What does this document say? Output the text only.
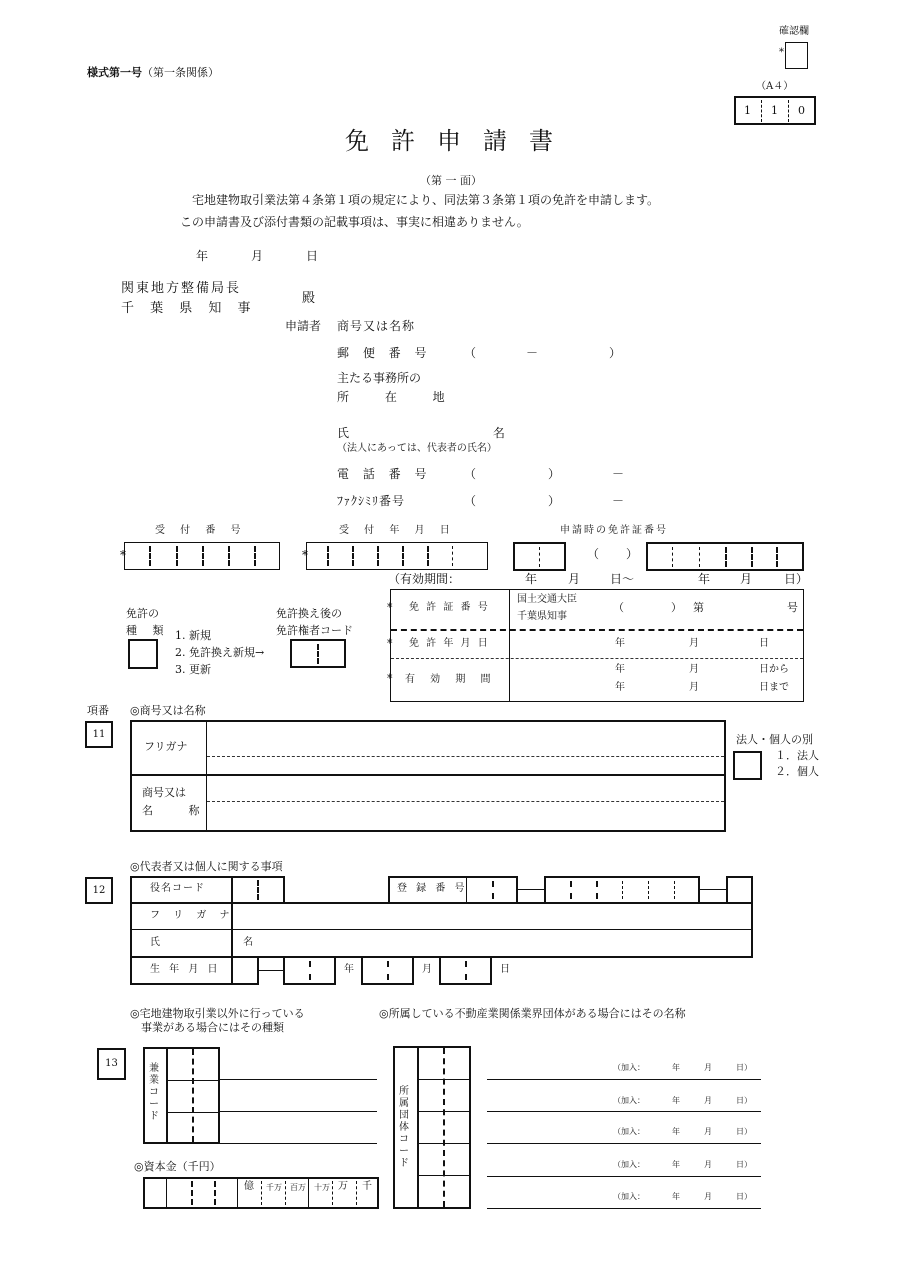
確認欄
*
様式第一号（第一条関係）
（A４）
1 1 0
免許申請書
（第 一 面）
宅地建物取引業法第４条第１項の規定により、同法第３条第１項の免許を申請します。
この申請書及び添付書類の記載事項は、事実に相違ありません。
年	月	日
関東地方整備局長
千 葉 県 知 事
殿
申請者 商号又は名称
郵 便 番 号	（	－	）
主たる事務所の
所 在 地
氏 名
（法人にあっては、代表者の氏名）
電 話 番 号	（	）	－
ﾌｧｸｼﾐﾘ番号	（	）	－
受 付 番 号	受 付 年 月 日	申請時の免許証番号
*	*	（ ）
（有効期間：	年	月 日～	年 月	日）
免許の
種 類 1. 新規
2. 免許換え新規→
3. 更新
免許換え後の
免許権者コード
* 免 許 証 番 号
国土交通大臣
千葉県知事
（	） 第	号
* 免 許 年 月 日	年	月	日
* 有 効 期 間
年	月	日から
年	月	日まで
項番 ◎商号又は名称
11
フリガナ
商号又は
名 称
法人・個人の別
１．法人
２．個人
◎代表者又は個人に関する事項
12	役名コード	登 録 番 号
フ リ ガ ナ
氏 名
生 年 月 日	年	月	日
◎宅地建物取引業以外に行っている
事業がある場合にはその種類
◎所属している不動産業関係業界団体がある場合にはその名称
13	兼業コード
◎資本金（千円）
億 千万 百万 十万 万 千
所属団体コード
（加入：	年	月	日）
（加入：	年	月	日）
（加入：	年	月	日）
（加入：	年	月	日）
（加入：	年	月	日）
